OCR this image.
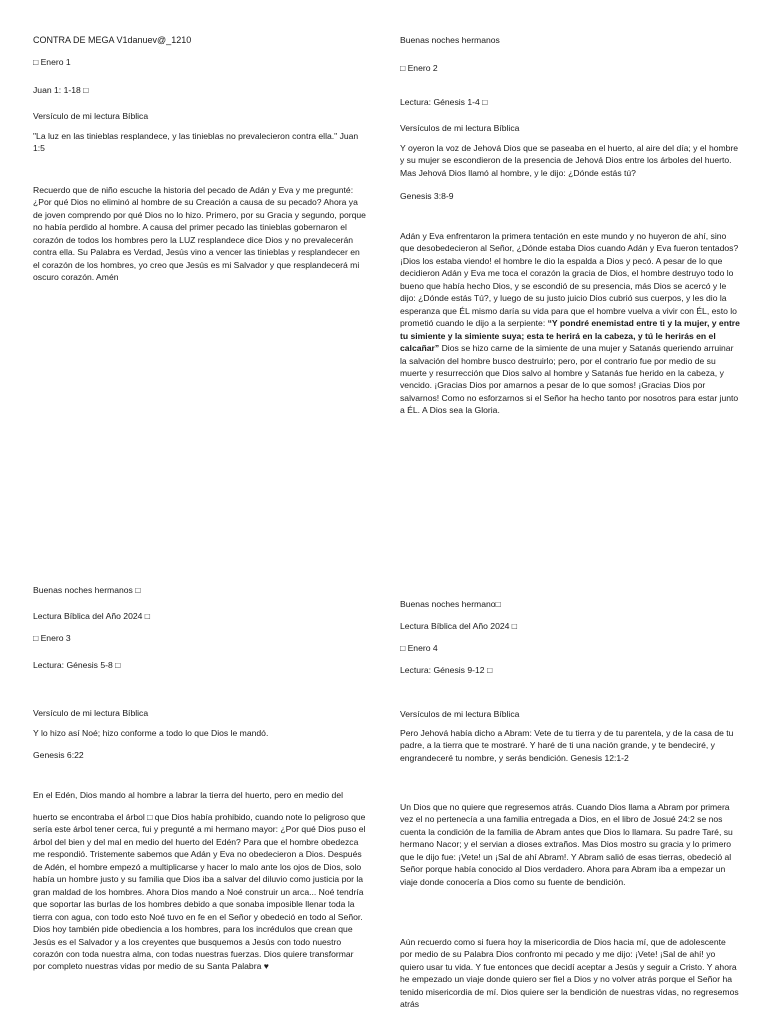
CONTRA DE MEGA V1danuev@_1210

□ Enero 1

Juan 1: 1-18 □

Versículo de mi lectura Bíblica

"La luz en las tinieblas resplandece, y las tinieblas no prevalecieron contra ella." Juan 1:5

Recuerdo que de niño escuche la historia del pecado de Adán y Eva y me pregunté: ¿Por qué Dios no eliminó al hombre de su Creación a causa de su pecado? Ahora ya de joven comprendo por qué Dios no lo hizo. Primero, por su Gracia y segundo, porque no había perdido al hombre. A causa del primer pecado las tinieblas gobernaron el corazón de todos los hombres pero la LUZ resplandece dice Dios y no prevalecerán contra ella. Su Palabra es Verdad, Jesús vino a vencer las tinieblas y resplandecer en el corazón de los hombres, yo creo que Jesús es mi Salvador y que resplandecerá mi oscuro corazón. Amén

Buenas noches hermanos

□ Enero 2

Lectura: Génesis 1-4 □

Versículos de mi lectura Bíblica

Y oyeron la voz de Jehová Dios que se paseaba en el huerto, al aire del día; y el hombre y su mujer se escondieron de la presencia de Jehová Dios entre los árboles del huerto. Mas Jehová Dios llamó al hombre, y le dijo: ¿Dónde estás tú?

Genesis 3:8-9

Adán y Eva enfrentaron la primera tentación en este mundo y no huyeron de ahí, sino que desobedecieron al Señor, ¿Dónde estaba Dios cuando Adán y Eva fueron tentados? ¡Dios los estaba viendo! el hombre le dio la espalda a Dios y pecó. A pesar de lo que decidieron Adán y Eva me toca el corazón la gracia de Dios, el hombre destruyo todo lo bueno que había hecho Dios, y se escondió de su presencia, más Dios se acercó y le dijo: ¿Dónde estás Tú?, y luego de su justo juicio Dios cubrió sus cuerpos, y les dio la esperanza que ÉL mismo daría su vida para que el hombre vuelva a vivir con ÉL, esto lo prometió cuando le dijo a la serpiente: “Y pondré enemistad entre ti y la mujer, y entre tu simiente y la simiente suya; esta te herirá en la cabeza, y tú le herirás en el calcañar” Dios se hizo carne de la simiente de una mujer y Satanás queriendo arruinar la salvación del hombre busco destruirlo; pero, por el contrario fue por medio de su muerte y resurrección que Dios salvo al hombre y Satanás fue herido en la cabeza, y vencido. ¡Gracias Dios por amarnos a pesar de lo que somos! ¡Gracias Dios por salvarnos! Como no esforzarnos si el Señor ha hecho tanto por nosotros para estar junto a ÉL. A Dios sea la Gloria.

Buenas noches hermanos □

Lectura Bíblica del Año 2024 □

□ Enero 3

Lectura: Génesis 5-8 □

Versículo de mi lectura Bíblica

Y lo hizo así Noé; hizo conforme a todo lo que Dios le mandó.

Genesis 6:22

En el Edén, Dios mando al hombre a labrar la tierra del huerto, pero en medio del

huerto se encontraba el árbol □ que Dios había prohibido, cuando note lo peligroso que sería este árbol tener cerca, fui y pregunté a mi hermano mayor: ¿Por qué Dios puso el árbol del bien y del mal en medio del huerto del Edén? Para que el hombre obedezca me respondió. Tristemente sabemos que Adán y Eva no obedecieron a Dios. Después de Adén, el hombre empezó a multiplicarse y hacer lo malo ante los ojos de Dios, solo había un hombre justo y su familia que Dios iba a salvar del diluvio como justicia por la gran maldad de los hombres. Ahora Dios mando a Noé construir un arca... Noé tendría que soportar las burlas de los hombres debido a que sonaba imposible llenar toda la tierra con agua, con todo esto Noé tuvo en fe en el Señor y obedeció en todo al Señor. Dios hoy también pide obediencia a los hombres, para los incrédulos que crean que Jesús es el Salvador y a los creyentes que busquemos a Jesús con todo nuestro corazón con toda nuestra alma, con todas nuestras fuerzas. Dios quiere transformar por completo nuestras vidas por medio de su Santa Palabra ♥

Buenas noches hermano□

Lectura Bíblica del Año 2024 □

□ Enero 4

Lectura: Génesis 9-12 □

Versículos de mi lectura Bíblica

Pero Jehová había dicho a Abram: Vete de tu tierra y de tu parentela, y de la casa de tu padre, a la tierra que te mostraré. Y haré de ti una nación grande, y te bendeciré, y engrandeceré tu nombre, y serás bendición. Genesis 12:1-2

Un Dios que no quiere que regresemos atrás. Cuando Dios llama a Abram por primera vez el no pertenecía a una familia entregada a Dios, en el libro de Josué 24:2 se nos cuenta la condición de la familia de Abram antes que Dios lo llamara. Su padre Taré, su hermano Nacor; y el servian a dioses extraños. Mas Dios mostro su gracia y lo primero que le dijo fue: ¡Vete! un ¡Sal de ahí Abram!. Y Abram salió de esas tierras, obedeció al Señor porque había conocido al Dios verdadero. Ahora para Abram iba a empezar un viaje donde conocería a Dios como su fuente de bendición.

Aún recuerdo como si fuera hoy la misericordia de Dios hacia mí, que de adolescente por medio de su Palabra Dios confronto mi pecado y me dijo: ¡Vete! ¡Sal de ahí! yo quiero usar tu vida. Y fue entonces que decidí aceptar a Jesús y seguir a Cristo. Y ahora he empezado un viaje donde quiero ser fiel a Dios y no volver atrás porque el Señor ha tenido misericordia de mí. Dios quiere ser la bendición de nuestras vidas, no regresemos atrás
